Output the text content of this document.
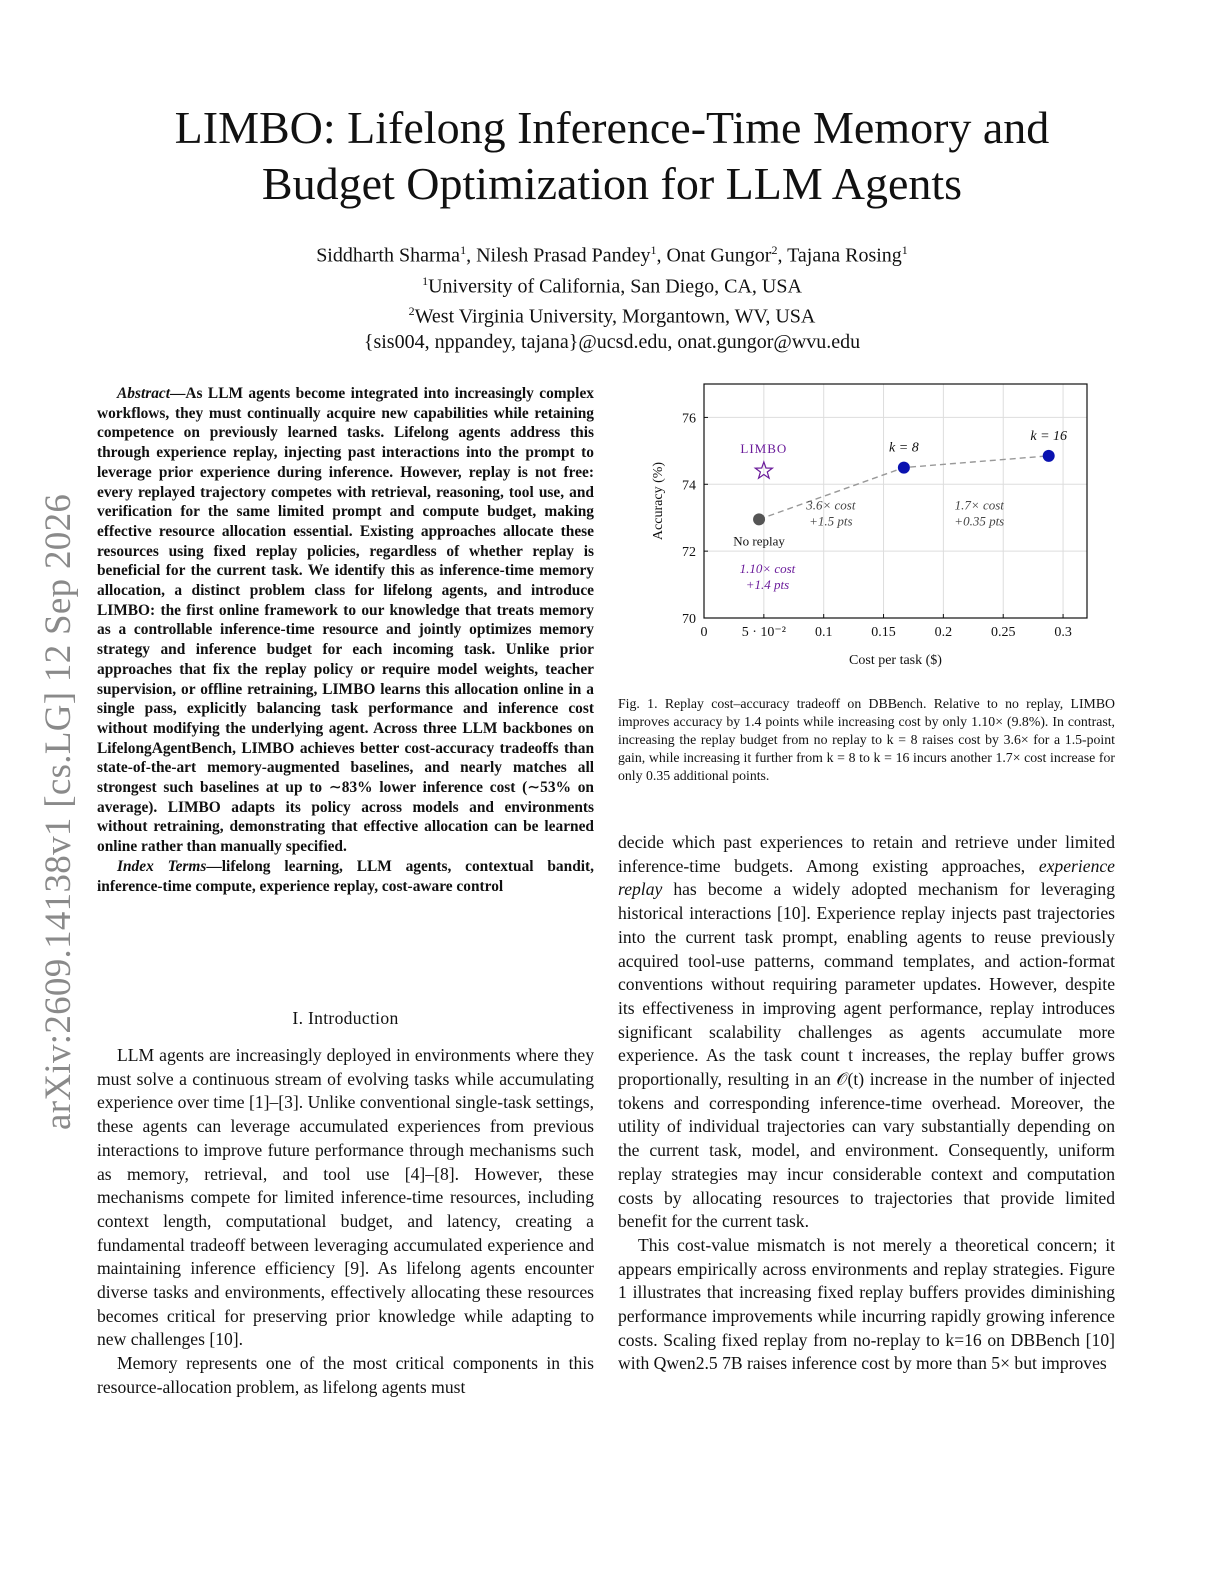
arXiv:2609.14138v1 [cs.LG] 12 Sep 2026
LIMBO: Lifelong Inference-Time Memory and
Budget Optimization for LLM Agents
Siddharth Sharma$^1$, Nilesh Prasad Pandey$^1$, Onat Gungor$^2$, Tajana Rosing$^1$
$^1$University of California, San Diego, CA, USA
$^2$West Virginia University, Morgantown, WV, USA
{sis004, nppandey, tajana}@ucsd.edu, onat.gungor@wvu.edu

Abstract—As LLM agents become integrated into increasingly complex workflows, they must continually acquire new capabilities while retaining competence on previously learned tasks. Lifelong agents address this through experience replay, injecting past interactions into the prompt to leverage prior experience during inference. However, replay is not free: every replayed trajectory competes with retrieval, reasoning, tool use, and verification for the same limited prompt and compute budget, making effective resource allocation essential. Existing approaches allocate these resources using fixed replay policies, regardless of whether replay is beneficial for the current task. We identify this as inference-time memory allocation, a distinct problem class for lifelong agents, and introduce LIMBO: the first online framework to our knowledge that treats memory as a controllable inference-time resource and jointly optimizes memory strategy and inference budget for each incoming task. Unlike prior approaches that fix the replay policy or require model weights, teacher supervision, or offline retraining, LIMBO learns this allocation online in a single pass, explicitly balancing task performance and inference cost without modifying the underlying agent. Across three LLM backbones on LifelongAgentBench, LIMBO achieves better cost-accuracy tradeoffs than state-of-the-art memory-augmented baselines, and nearly matches all strongest such baselines at up to ∼83% lower inference cost (∼53% on average). LIMBO adapts its policy across models and environments without retraining, demonstrating that effective allocation can be learned online rather than manually specified.

Index Terms—lifelong learning, LLM agents, contextual bandit, inference-time compute, experience replay, cost-aware control

I. Introduction

LLM agents are increasingly deployed in environments where they must solve a continuous stream of evolving tasks while accumulating experience over time [1]–[3]. Unlike conventional single-task settings, these agents can leverage accumulated experiences from previous interactions to improve future performance through mechanisms such as memory, retrieval, and tool use [4]–[8]. However, these mechanisms compete for limited inference-time resources, including context length, computational budget, and latency, creating a fundamental tradeoff between leveraging accumulated experience and maintaining inference efficiency [9]. As lifelong agents encounter diverse tasks and environments, effectively allocating these resources becomes critical for preserving prior knowledge while adapting to new challenges [10].

Memory represents one of the most critical components in this resource-allocation problem, as lifelong agents must

0 5 · 10⁻² 0.1	0.15	0.2	0.25	0.3
70
72
74
76
Cost per task ($)
Accuracy (%)
No replay
k = 8
k = 16
LIMBO
3.6× cost
+1.5 pts
1.7× cost
+0.35 pts
1.10× cost
+1.4 pts
Fig. 1. Replay cost–accuracy tradeoff on DBBench. Relative to no replay, LIMBO improves accuracy by 1.4 points while increasing cost by only 1.10× (9.8%). In contrast, increasing the replay budget from no replay to k = 8 raises cost by 3.6× for a 1.5-point gain, while increasing it further from k = 8 to k = 16 incurs another 1.7× cost increase for only 0.35 additional points.

decide which past experiences to retain and retrieve under limited inference-time budgets. Among existing approaches, experience replay has become a widely adopted mechanism for leveraging historical interactions [10]. Experience replay injects past trajectories into the current task prompt, enabling agents to reuse previously acquired tool-use patterns, command templates, and action-format conventions without requiring parameter updates. However, despite its effectiveness in improving agent performance, replay introduces significant scalability challenges as agents accumulate more experience. As the task count t increases, the replay buffer grows proportionally, resulting in an 𝒪(t) increase in the number of injected tokens and corresponding inference-time overhead. Moreover, the utility of individual trajectories can vary substantially depending on the current task, model, and environment. Consequently, uniform replay strategies may incur considerable context and computation costs by allocating resources to trajectories that provide limited benefit for the current task.

This cost-value mismatch is not merely a theoretical concern; it appears empirically across environments and replay strategies. Figure 1 illustrates that increasing fixed replay buffers provides diminishing performance improvements while incurring rapidly growing inference costs. Scaling fixed replay from no-replay to k=16 on DBBench [10] with Qwen2.5 7B raises inference cost by more than 5× but improves
